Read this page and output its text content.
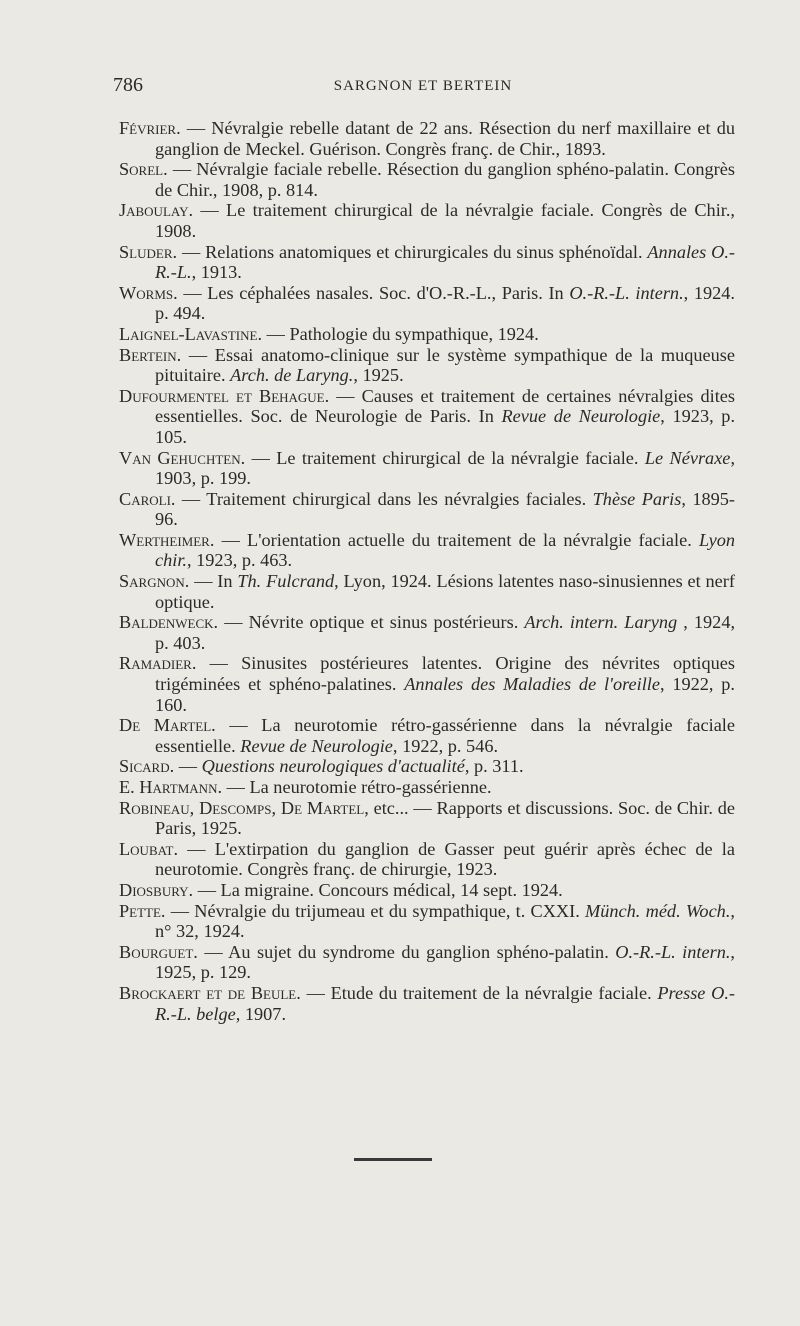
786	SARGNON ET BERTEIN
Février. — Névralgie rebelle datant de 22 ans. Résection du nerf maxillaire et du ganglion de Meckel. Guérison. Congrès franç. de Chir., 1893.
Sorel. — Névralgie faciale rebelle. Résection du ganglion sphéno-palatin. Congrès de Chir., 1908, p. 814.
Jaboulay. — Le traitement chirurgical de la névralgie faciale. Congrès de Chir., 1908.
Sluder. — Relations anatomiques et chirurgicales du sinus sphénoïdal. Annales O.-R.-L., 1913.
Worms. — Les céphalées nasales. Soc. d'O.-R.-L., Paris. In O.-R.-L. intern., 1924. p. 494.
Laignel-Lavastine. — Pathologie du sympathique, 1924.
Bertein. — Essai anatomo-clinique sur le système sympathique de la muqueuse pituitaire. Arch. de Laryng., 1925.
Dufourmentel et Behague. — Causes et traitement de certaines névralgies dites essentielles. Soc. de Neurologie de Paris. In Revue de Neurologie, 1923, p. 105.
Van Gehuchten. — Le traitement chirurgical de la névralgie faciale. Le Névraxe, 1903, p. 199.
Caroli. — Traitement chirurgical dans les névralgies faciales. Thèse Paris, 1895-96.
Wertheimer. — L'orientation actuelle du traitement de la névralgie faciale. Lyon chir., 1923, p. 463.
Sargnon. — In Th. Fulcrand, Lyon, 1924. Lésions latentes naso-sinusiennes et nerf optique.
Baldenweck. — Névrite optique et sinus postérieurs. Arch. intern. Laryng , 1924, p. 403.
Ramadier. — Sinusites postérieures latentes. Origine des névrites optiques trigéminées et sphéno-palatines. Annales des Maladies de l'oreille, 1922, p. 160.
De Martel. — La neurotomie rétro-gassérienne dans la névralgie faciale essentielle. Revue de Neurologie, 1922, p. 546.
Sicard. — Questions neurologiques d'actualité, p. 311.
E. Hartmann. — La neurotomie rétro-gassérienne.
Robineau, Descomps, De Martel, etc... — Rapports et discussions. Soc. de Chir. de Paris, 1925.
Loubat. — L'extirpation du ganglion de Gasser peut guérir après échec de la neurotomie. Congrès franç. de chirurgie, 1923.
Diosbury. — La migraine. Concours médical, 14 sept. 1924.
Pette. — Névralgie du trijumeau et du sympathique, t. CXXI. Münch. méd. Woch., n° 32, 1924.
Bourguet. — Au sujet du syndrome du ganglion sphéno-palatin. O.-R.-L. intern., 1925, p. 129.
Brockaert et de Beule. — Etude du traitement de la névralgie faciale. Presse O.-R.-L. belge, 1907.
